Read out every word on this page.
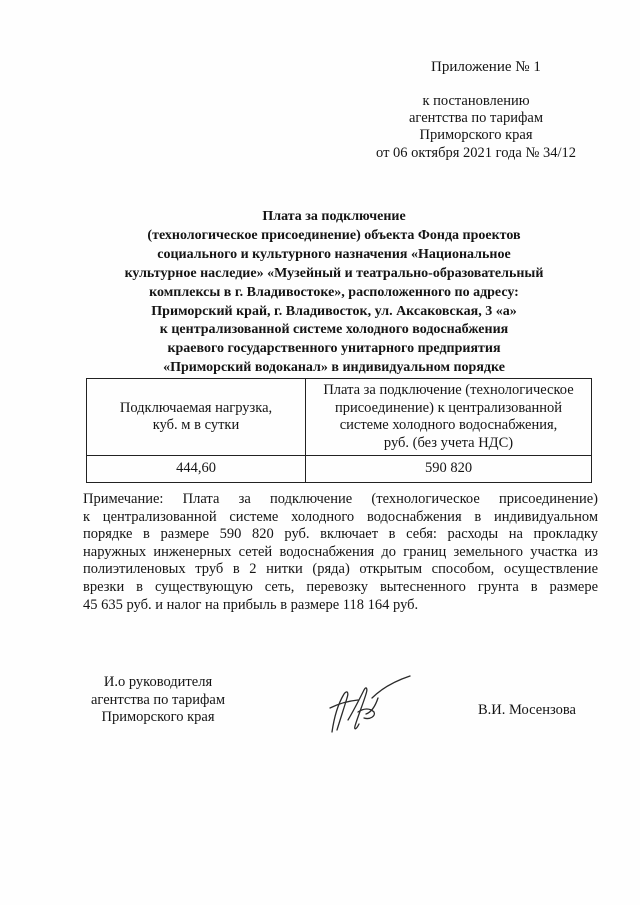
Приложение № 1
к постановлению
агентства по тарифам
Приморского края
от 06 октября 2021 года № 34/12
Плата за подключение
(технологическое присоединение) объекта Фонда проектов
социального и культурного назначения «Национальное
культурное наследие» «Музейный и театрально-образовательный
комплексы в г. Владивостоке», расположенного по адресу:
Приморский край, г. Владивосток, ул. Аксаковская, 3 «а»
к централизованной системе холодного водоснабжения
краевого государственного унитарного предприятия
«Приморский водоканал» в индивидуальном порядке
Подключаемая нагрузка,
куб. м в сутки	Плата за подключение (технологическое
присоединение) к централизованной
системе холодного водоснабжения,
руб. (без учета НДС)

444,60	590 820
Примечание: Плата за подключение (технологическое присоединение)
к централизованной системе холодного водоснабжения в индивидуальном
порядке в размере 590 820 руб. включает в себя: расходы на прокладку
наружных инженерных сетей водоснабжения до границ земельного участка из
полиэтиленовых труб в 2 нитки (ряда) открытым способом, осуществление
врезки в существующую сеть, перевозку вытесненного грунта в размере
45 635 руб. и налог на прибыль в размере 118 164 руб.
И.о руководителя
агентства по тарифам
Приморского края	В.И. Мосензова
